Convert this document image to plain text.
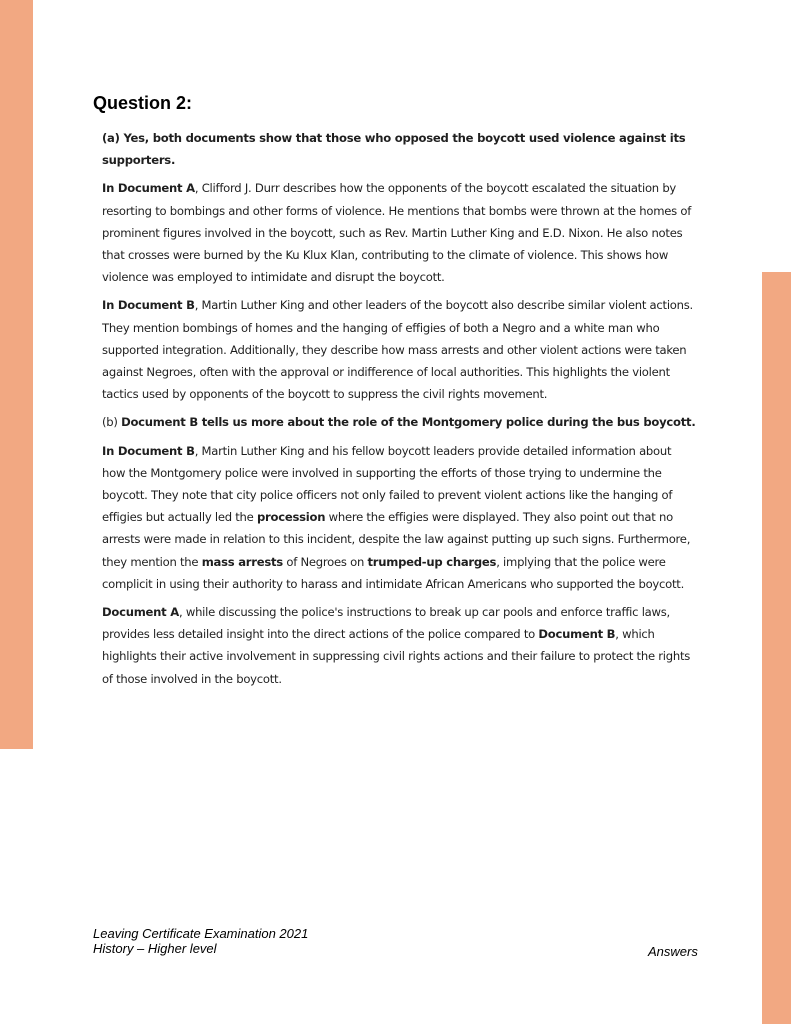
Question 2:

(a) Yes, both documents show that those who opposed the boycott used violence against its supporters.

In Document A, Clifford J. Durr describes how the opponents of the boycott escalated the situation by resorting to bombings and other forms of violence. He mentions that bombs were thrown at the homes of prominent figures involved in the boycott, such as Rev. Martin Luther King and E.D. Nixon. He also notes that crosses were burned by the Ku Klux Klan, contributing to the climate of violence. This shows how violence was employed to intimidate and disrupt the boycott.

In Document B, Martin Luther King and other leaders of the boycott also describe similar violent actions. They mention bombings of homes and the hanging of effigies of both a Negro and a white man who supported integration. Additionally, they describe how mass arrests and other violent actions were taken against Negroes, often with the approval or indifference of local authorities. This highlights the violent tactics used by opponents of the boycott to suppress the civil rights movement.

(b) Document B tells us more about the role of the Montgomery police during the bus boycott.

In Document B, Martin Luther King and his fellow boycott leaders provide detailed information about how the Montgomery police were involved in supporting the efforts of those trying to undermine the boycott. They note that city police officers not only failed to prevent violent actions like the hanging of effigies but actually led the procession where the effigies were displayed. They also point out that no arrests were made in relation to this incident, despite the law against putting up such signs. Furthermore, they mention the mass arrests of Negroes on trumped-up charges, implying that the police were complicit in using their authority to harass and intimidate African Americans who supported the boycott.

Document A, while discussing the police's instructions to break up car pools and enforce traffic laws, provides less detailed insight into the direct actions of the police compared to Document B, which highlights their active involvement in suppressing civil rights actions and their failure to protect the rights of those involved in the boycott.

Leaving Certificate Examination 2021
History – Higher level	Answers
